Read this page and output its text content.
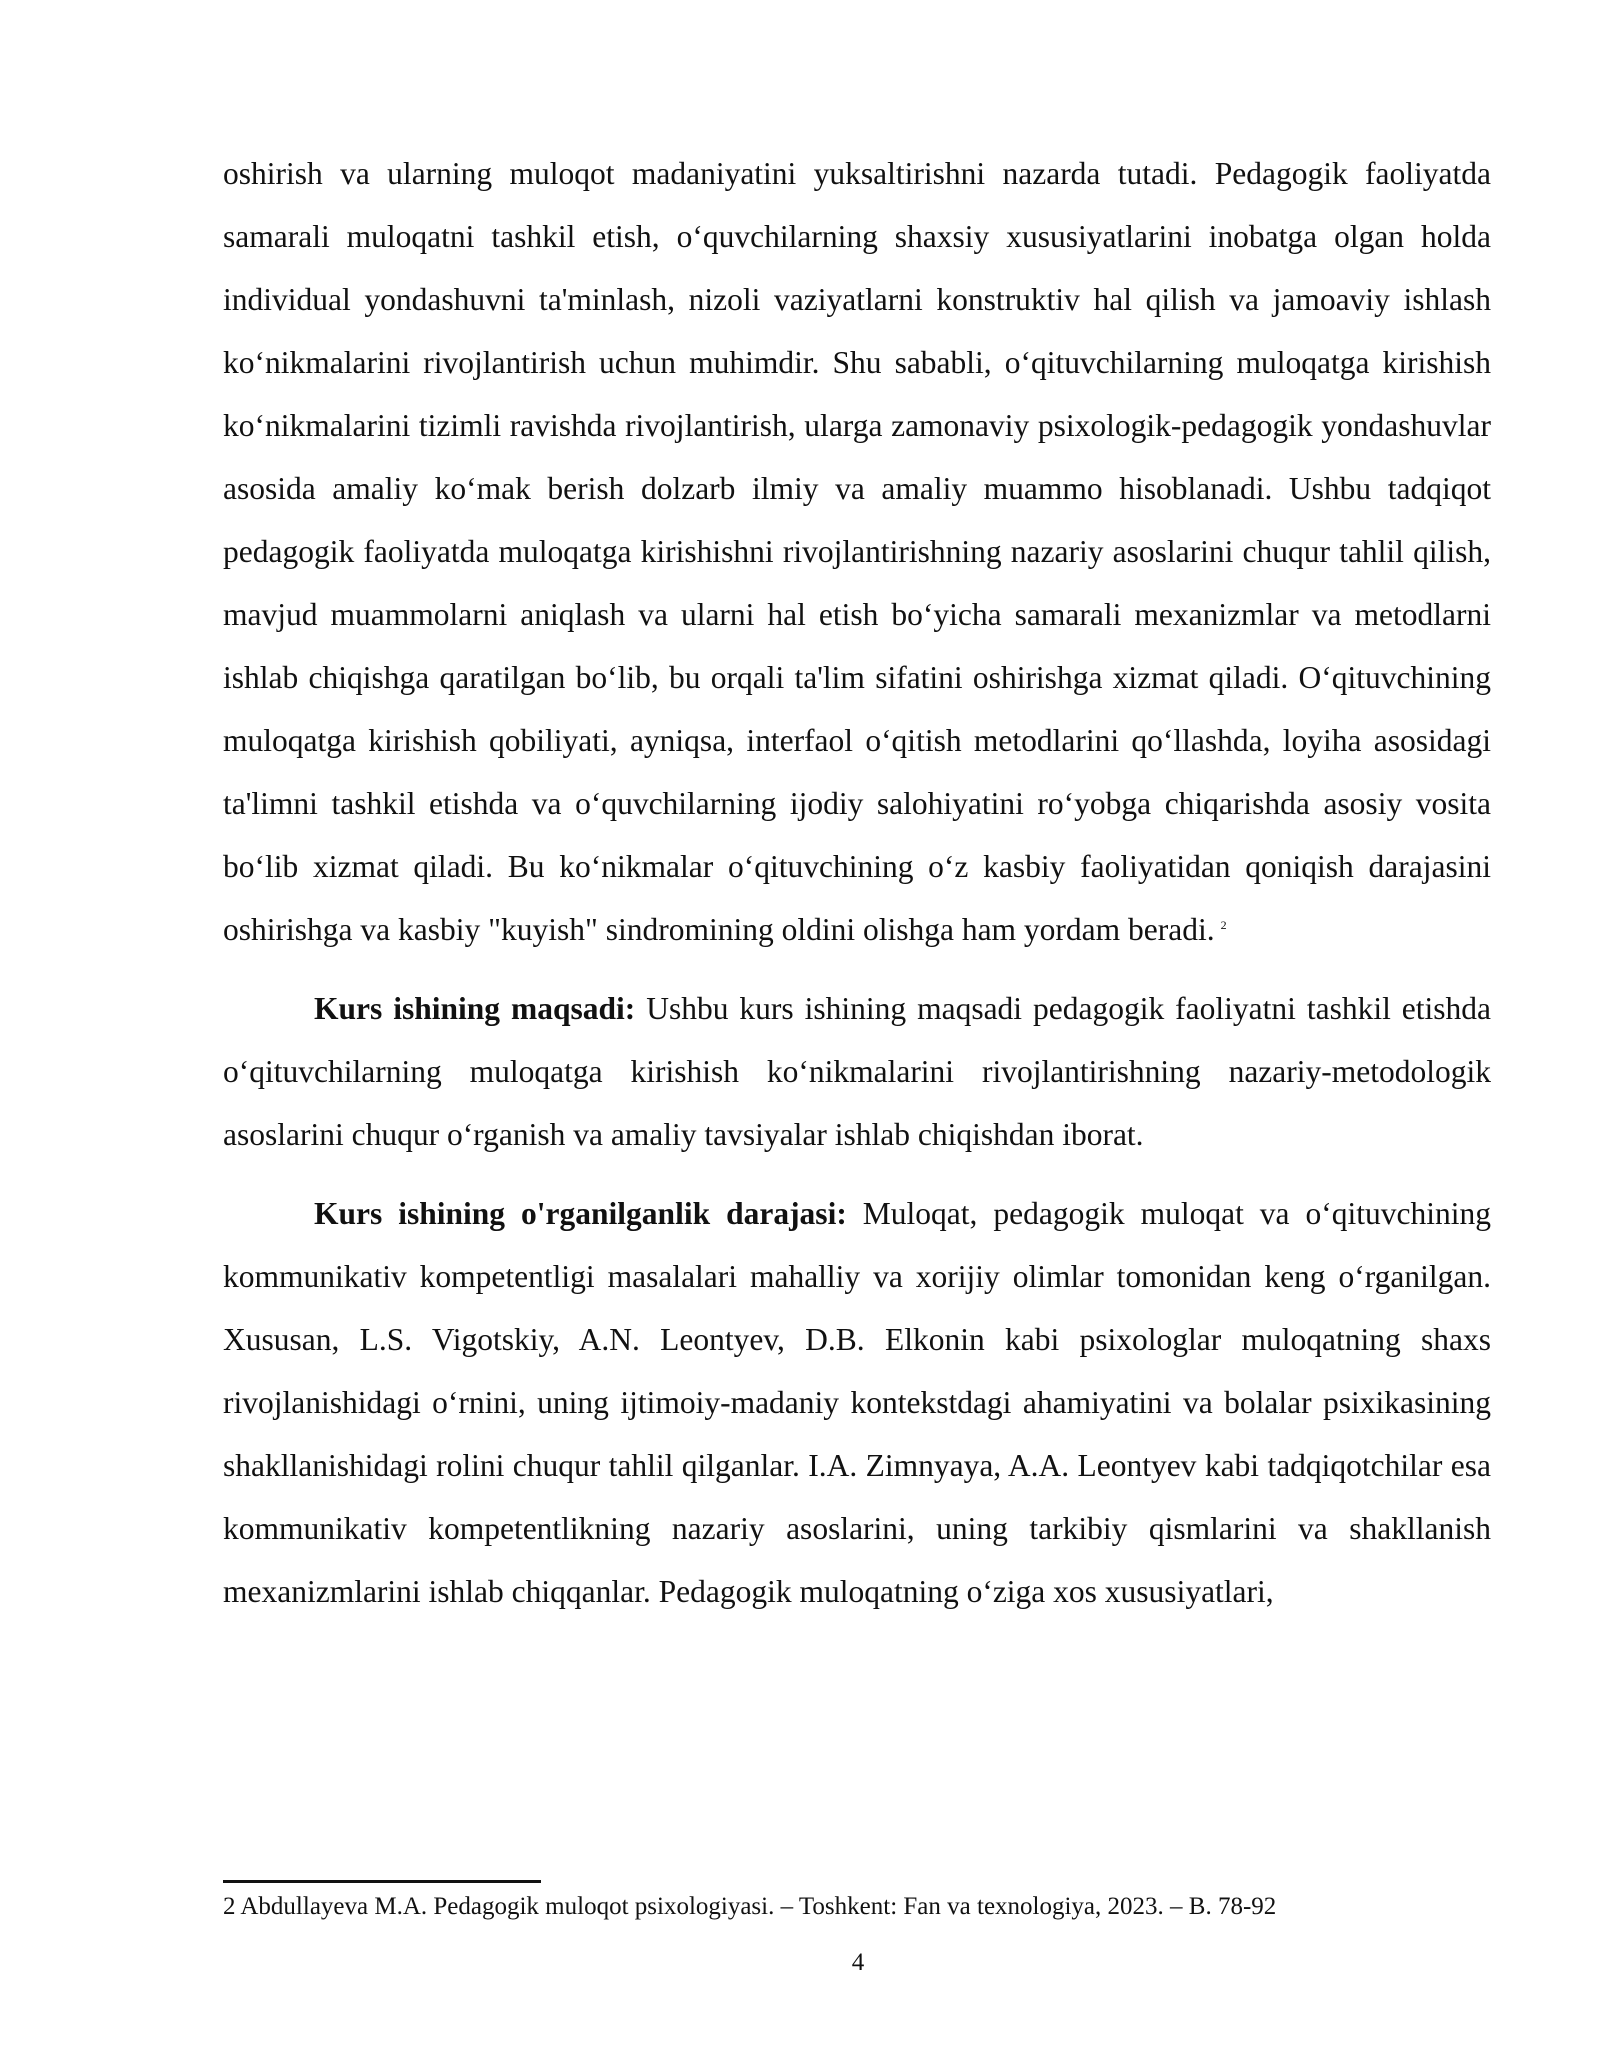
oshirish va ularning muloqot madaniyatini yuksaltirishni nazarda tutadi. Pedagogik faoliyatda samarali muloqatni tashkil etish, o‘quvchilarning shaxsiy xususiyatlarini inobatga olgan holda individual yondashuvni ta'minlash, nizoli vaziyatlarni konstruktiv hal qilish va jamoaviy ishlash ko‘nikmalarini rivojlantirish uchun muhimdir. Shu sababli, o‘qituvchilarning muloqatga kirishish ko‘nikmalarini tizimli ravishda rivojlantirish, ularga zamonaviy psixologik-pedagogik yondashuvlar asosida amaliy ko‘mak berish dolzarb ilmiy va amaliy muammo hisoblanadi. Ushbu tadqiqot pedagogik faoliyatda muloqatga kirishishni rivojlantirishning nazariy asoslarini chuqur tahlil qilish, mavjud muammolarni aniqlash va ularni hal etish bo‘yicha samarali mexanizmlar va metodlarni ishlab chiqishga qaratilgan bo‘lib, bu orqali ta'lim sifatini oshirishga xizmat qiladi. O‘qituvchining muloqatga kirishish qobiliyati, ayniqsa, interfaol o‘qitish metodlarini qo‘llashda, loyiha asosidagi ta'limni tashkil etishda va o‘quvchilarning ijodiy salohiyatini ro‘yobga chiqarishda asosiy vosita bo‘lib xizmat qiladi. Bu ko‘nikmalar o‘qituvchining o‘z kasbiy faoliyatidan qoniqish darajasini oshirishga va kasbiy "kuyish" sindromining oldini olishga ham yordam beradi. $^2$

Kurs ishining maqsadi: Ushbu kurs ishining maqsadi pedagogik faoliyatni tashkil etishda o‘qituvchilarning muloqatga kirishish ko‘nikmalarini rivojlantirishning nazariy-metodologik asoslarini chuqur o‘rganish va amaliy tavsiyalar ishlab chiqishdan iborat.

Kurs ishining o'rganilganlik darajasi: Muloqat, pedagogik muloqat va o‘qituvchining kommunikativ kompetentligi masalalari mahalliy va xorijiy olimlar tomonidan keng o‘rganilgan. Xususan, L.S. Vigotskiy, A.N. Leontyev, D.B. Elkonin kabi psixologlar muloqatning shaxs rivojlanishidagi o‘rnini, uning ijtimoiy-madaniy kontekstdagi ahamiyatini va bolalar psixikasining shakllanishidagi rolini chuqur tahlil qilganlar. I.A. Zimnyaya, A.A. Leontyev kabi tadqiqotchilar esa kommunikativ kompetentlikning nazariy asoslarini, uning tarkibiy qismlarini va shakllanish mexanizmlarini ishlab chiqqanlar. Pedagogik muloqatning o‘ziga xos xususiyatlari,

2 Abdullayeva M.A. Pedagogik muloqot psixologiyasi. – Toshkent: Fan va texnologiya, 2023. – B. 78-92

4
